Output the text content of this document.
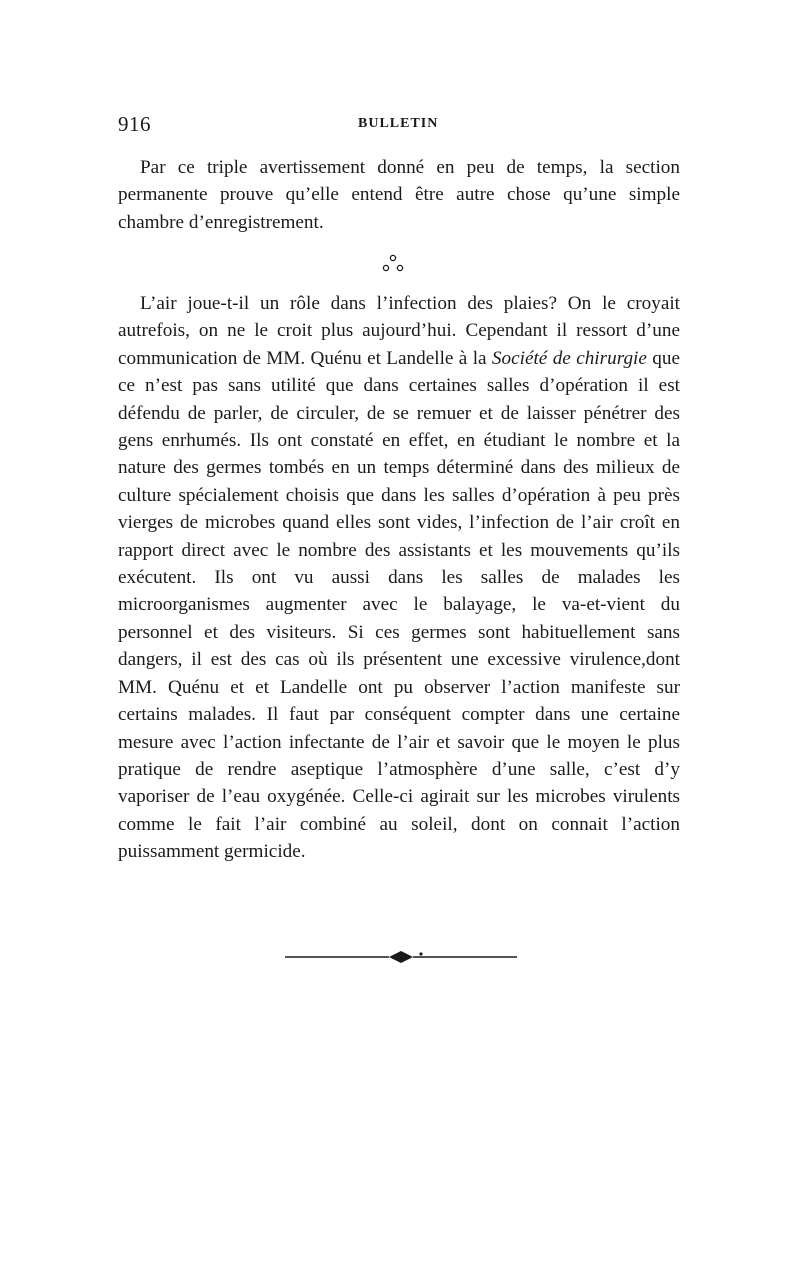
916	BULLETIN

Par ce triple avertissement donné en peu de temps, la section permanente prouve qu’elle entend être autre chose qu’une simple chambre d’enregistrement.

L’air joue-t-il un rôle dans l’infection des plaies? On le croyait autrefois, on ne le croit plus aujourd’hui. Cependant il ressort d’une communication de MM. Quénu et Landelle à la Société de chirurgie que ce n’est pas sans utilité que dans certaines salles d’opération il est défendu de parler, de circuler, de se remuer et de laisser pénétrer des gens enrhumés. Ils ont constaté en effet, en étudiant le nombre et la nature des germes tombés en un temps déterminé dans des milieux de culture spécialement choisis que dans les salles d’opération à peu près vierges de microbes quand elles sont vides, l’infection de l’air croît en rapport direct avec le nombre des assistants et les mouvements qu’ils exécutent. Ils ont vu aussi dans les salles de malades les microorganismes augmenter avec le balayage, le va-et-vient du personnel et des visiteurs. Si ces germes sont habituellement sans dangers, il est des cas où ils présentent une excessive virulence,dont MM. Quénu et et Landelle ont pu observer l’action manifeste sur certains malades. Il faut par conséquent compter dans une certaine mesure avec l’action infectante de l’air et savoir que le moyen le plus pratique de rendre aseptique l’atmosphère d’une salle, c’est d’y vaporiser de l’eau oxygénée. Celle-ci agirait sur les microbes virulents comme le fait l’air combiné au soleil, dont on connait l’action puissamment germicide.
